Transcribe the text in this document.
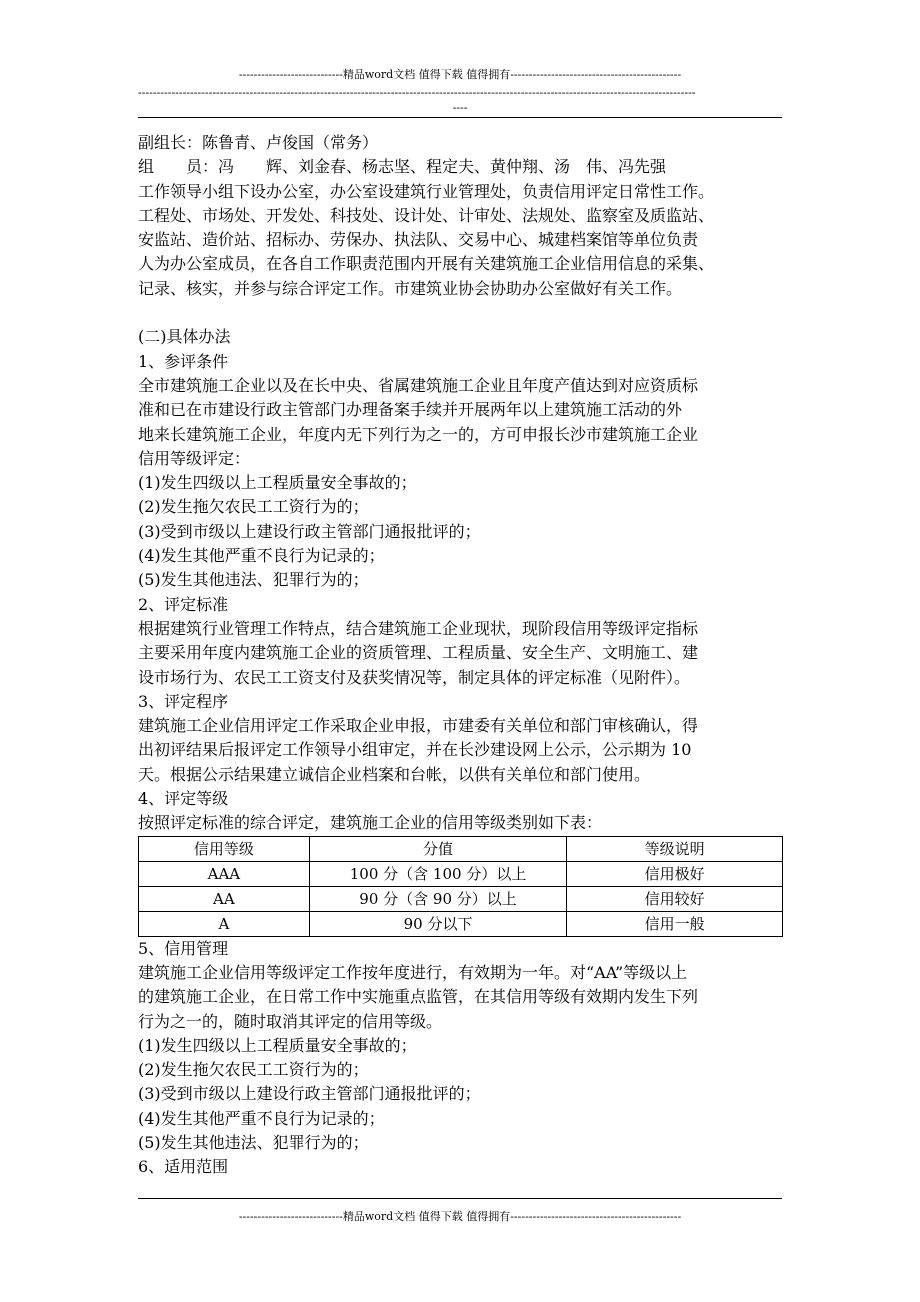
----------------------------精品word文档 值得下载 值得拥有----------------------------------------------
------------------------------------------------------------------------------------------------------------------------------------------------------
----

副组长：陈鲁青、卢俊国（常务）

组　　员：冯　　辉、刘金春、杨志坚、程定夫、黄仲翔、汤　伟、冯先强

工作领导小组下设办公室，办公室设建筑行业管理处，负责信用评定日常性工作。

工程处、市场处、开发处、科技处、设计处、计审处、法规处、监察室及质监站、

安监站、造价站、招标办、劳保办、执法队、交易中心、城建档案馆等单位负责

人为办公室成员，在各自工作职责范围内开展有关建筑施工企业信用信息的采集、

记录、核实，并参与综合评定工作。市建筑业协会协助办公室做好有关工作。

(二)具体办法

1、参评条件

全市建筑施工企业以及在长中央、省属建筑施工企业且年度产值达到对应资质标

准和已在市建设行政主管部门办理备案手续并开展两年以上建筑施工活动的外

地来长建筑施工企业，年度内无下列行为之一的，方可申报长沙市建筑施工企业

信用等级评定：

(1)发生四级以上工程质量安全事故的；

(2)发生拖欠农民工工资行为的；

(3)受到市级以上建设行政主管部门通报批评的；

(4)发生其他严重不良行为记录的；

(5)发生其他违法、犯罪行为的；

2、评定标准

根据建筑行业管理工作特点，结合建筑施工企业现状，现阶段信用等级评定指标

主要采用年度内建筑施工企业的资质管理、工程质量、安全生产、文明施工、建

设市场行为、农民工工资支付及获奖情况等，制定具体的评定标准（见附件）。

3、评定程序

建筑施工企业信用评定工作采取企业申报，市建委有关单位和部门审核确认，得

出初评结果后报评定工作领导小组审定，并在长沙建设网上公示，公示期为 10

天。根据公示结果建立诚信企业档案和台帐，以供有关单位和部门使用。

4、评定等级

按照评定标准的综合评定，建筑施工企业的信用等级类别如下表：

信用等级	分值	等级说明
AAA	100 分（含 100 分）以上	信用极好
AA	90 分（含 90 分）以上	信用较好
A	90 分以下	信用一般

5、信用管理

建筑施工企业信用等级评定工作按年度进行，有效期为一年。对“AA”等级以上

的建筑施工企业，在日常工作中实施重点监管，在其信用等级有效期内发生下列

行为之一的，随时取消其评定的信用等级。

(1)发生四级以上工程质量安全事故的；

(2)发生拖欠农民工工资行为的；

(3)受到市级以上建设行政主管部门通报批评的；

(4)发生其他严重不良行为记录的；

(5)发生其他违法、犯罪行为的；

6、适用范围

----------------------------精品word文档 值得下载 值得拥有----------------------------------------------
